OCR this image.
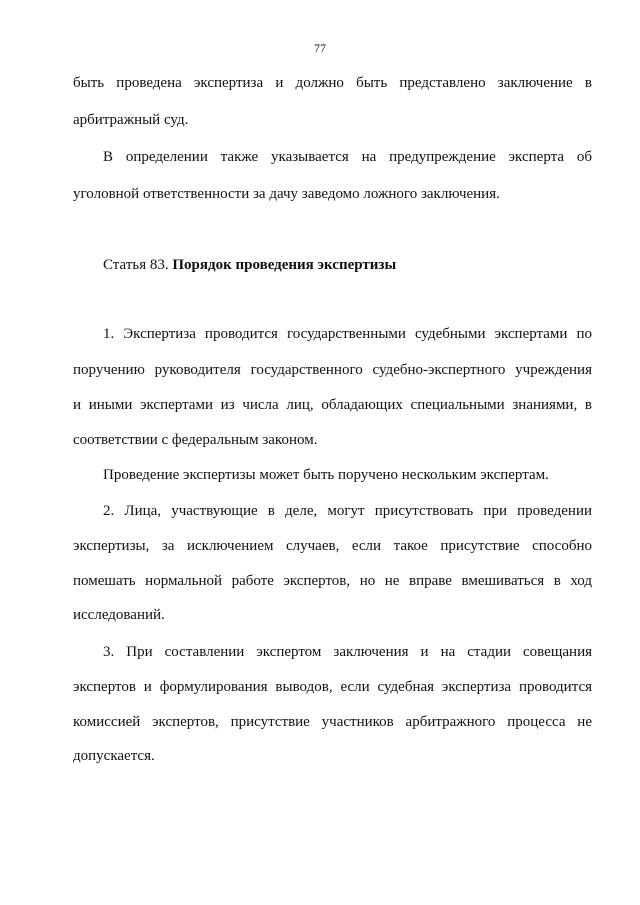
77
быть проведена экспертиза и должно быть представлено заключение в
арбитражный суд.
В определении также указывается на предупреждение эксперта об
уголовной ответственности за дачу заведомо ложного заключения.
Статья 83. Порядок проведения экспертизы
1. Экспертиза проводится государственными судебными экспертами по
поручению руководителя государственного судебно-экспертного учреждения
и иными экспертами из числа лиц, обладающих специальными знаниями, в
соответствии с федеральным законом.
Проведение экспертизы может быть поручено нескольким экспертам.
2. Лица, участвующие в деле, могут присутствовать при проведении
экспертизы, за исключением случаев, если такое присутствие способно
помешать нормальной работе экспертов, но не вправе вмешиваться в ход
исследований.
3. При составлении экспертом заключения и на стадии совещания
экспертов и формулирования выводов, если судебная экспертиза проводится
комиссией экспертов, присутствие участников арбитражного процесса не
допускается.
